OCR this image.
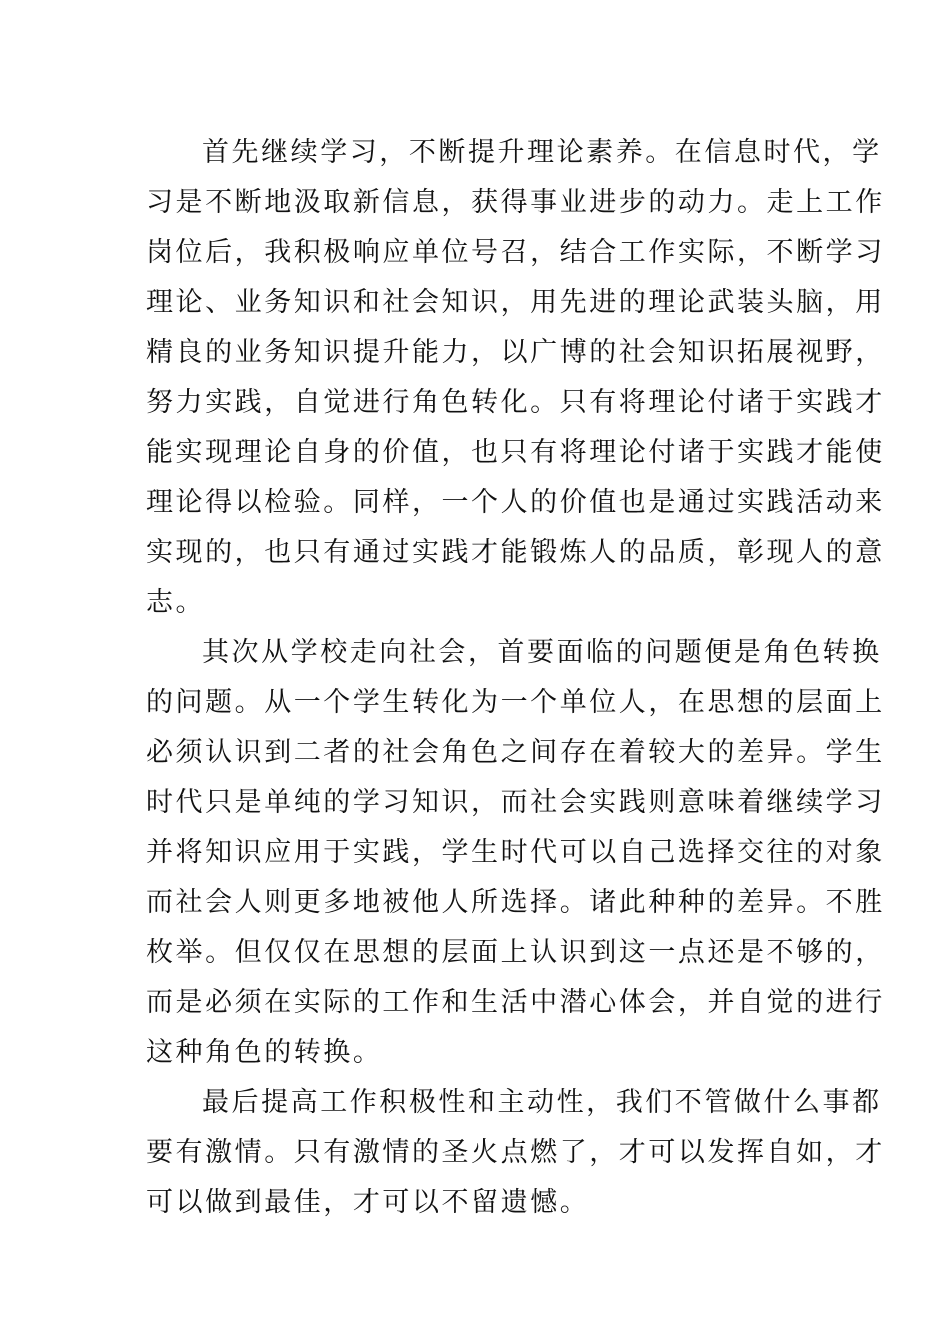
首先继续学习，不断提升理论素养。在信息时代，学

习是不断地汲取新信息，获得事业进步的动力。走上工作

岗位后，我积极响应单位号召，结合工作实际，不断学习

理论、业务知识和社会知识，用先进的理论武装头脑，用

精良的业务知识提升能力，以广博的社会知识拓展视野，

努力实践，自觉进行角色转化。只有将理论付诸于实践才

能实现理论自身的价值，也只有将理论付诸于实践才能使

理论得以检验。同样，一个人的价值也是通过实践活动来

实现的，也只有通过实践才能锻炼人的品质，彰现人的意

志。

其次从学校走向社会，首要面临的问题便是角色转换

的问题。从一个学生转化为一个单位人，在思想的层面上

必须认识到二者的社会角色之间存在着较大的差异。学生

时代只是单纯的学习知识，而社会实践则意味着继续学习

并将知识应用于实践，学生时代可以自己选择交往的对象

而社会人则更多地被他人所选择。诸此种种的差异。不胜

枚举。但仅仅在思想的层面上认识到这一点还是不够的，

而是必须在实际的工作和生活中潜心体会，并自觉的进行

这种角色的转换。

最后提高工作积极性和主动性，我们不管做什么事都

要有激情。只有激情的圣火点燃了，才可以发挥自如，才

可以做到最佳，才可以不留遗憾。
